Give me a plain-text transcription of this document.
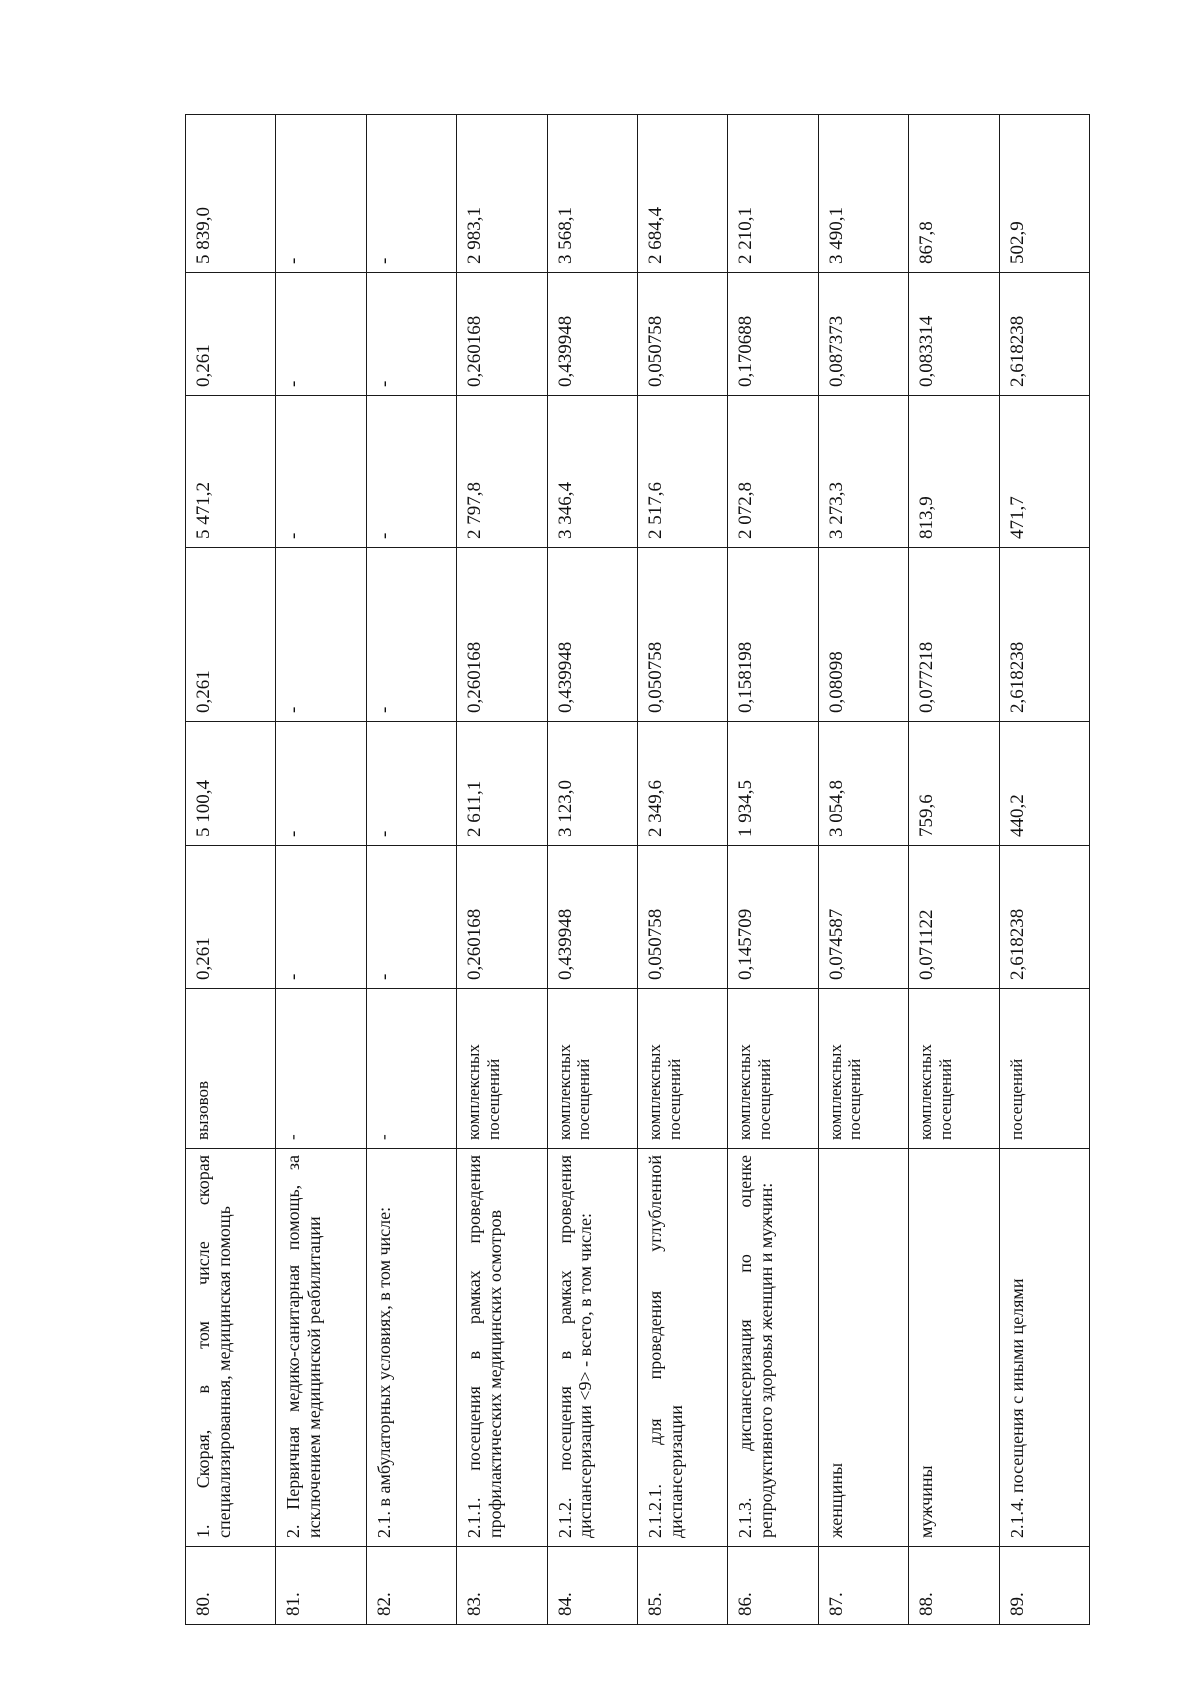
80.	1. Скорая, в том числе скорая специализированная, медицинская помощь	вызовов	0,261	5 100,4	0,261	5 471,2	0,261	5 839,0
81.	2. Первичная медико-санитарная помощь, за исключением медицинской реабилитации	-	-	-	-	-	-	-
82.	2.1. в амбулаторных условиях, в том числе:	-	-	-	-	-	-	-
83.	2.1.1. посещения в рамках проведения профилактических медицинских осмотров	комплексных посещений	0,260168	2 611,1	0,260168	2 797,8	0,260168	2 983,1
84.	2.1.2. посещения в рамках проведения диспансеризации <9> - всего, в том числе:	комплексных посещений	0,439948	3 123,0	0,439948	3 346,4	0,439948	3 568,1
85.	2.1.2.1. для проведения углубленной диспансеризации	комплексных посещений	0,050758	2 349,6	0,050758	2 517,6	0,050758	2 684,4
86.	2.1.3. диспансеризация по оценке репродуктивного здоровья женщин и мужчин:	комплексных посещений	0,145709	1 934,5	0,158198	2 072,8	0,170688	2 210,1
87.	женщины	комплексных посещений	0,074587	3 054,8	0,08098	3 273,3	0,087373	3 490,1
88.	мужчины	комплексных посещений	0,071122	759,6	0,077218	813,9	0,083314	867,8
89.	2.1.4. посещения с иными целями	посещений	2,618238	440,2	2,618238	471,7	2,618238	502,9
